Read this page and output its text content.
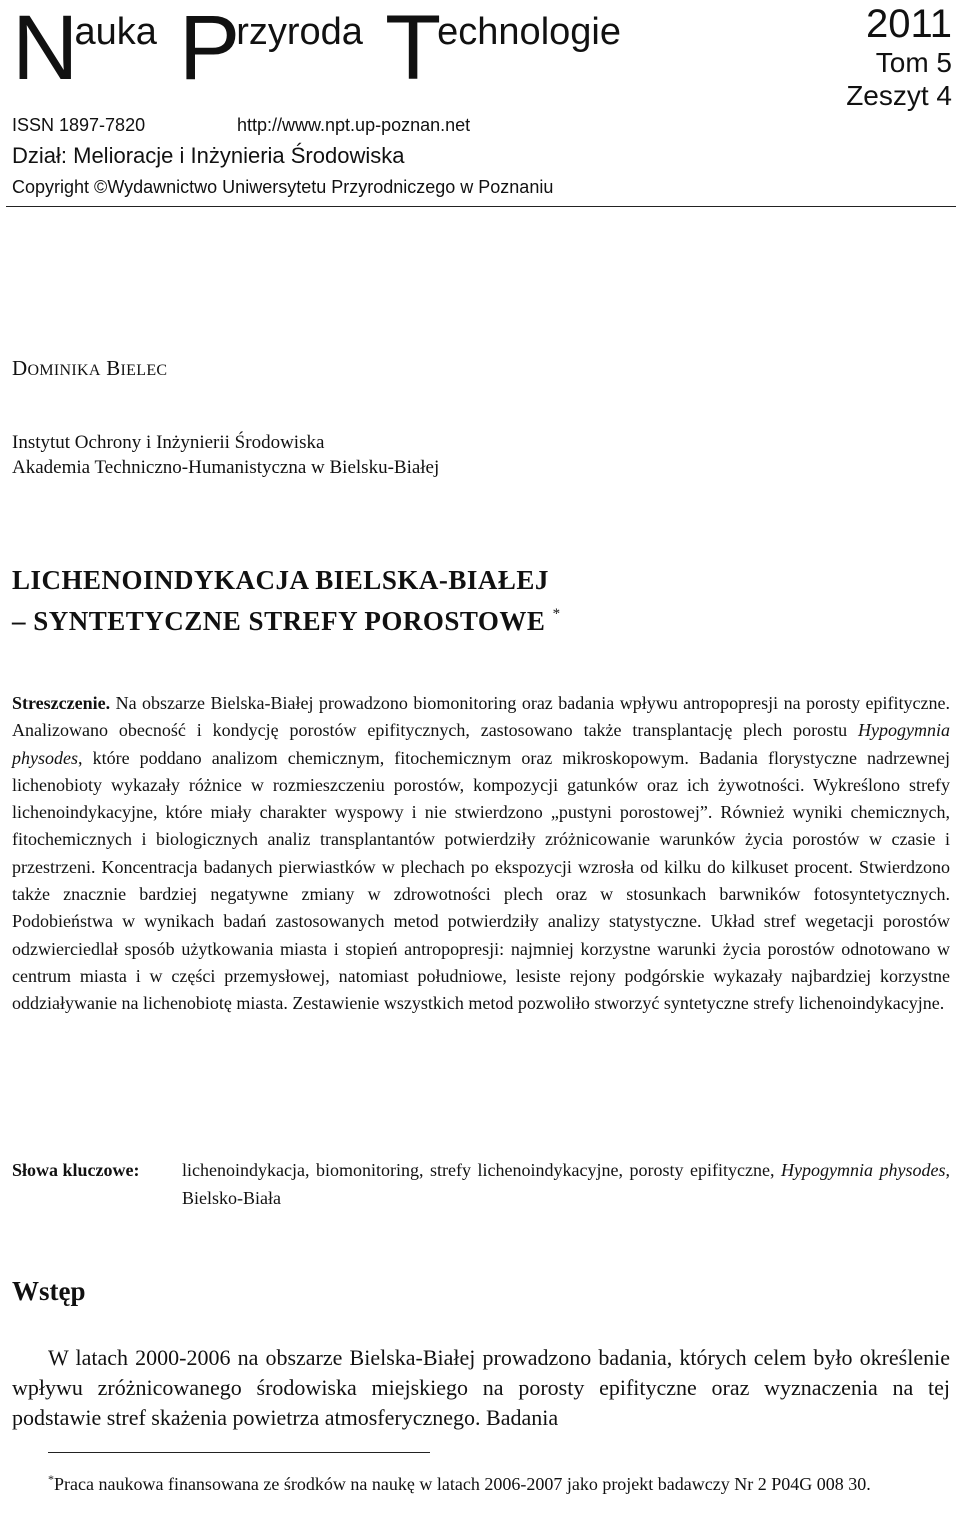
Nauka Przyroda Technologie	2011
Tom 5
Zeszyt 4
ISSN 1897-7820	http://www.npt.up-poznan.net
Dział: Melioracje i Inżynieria Środowiska
Copyright ©Wydawnictwo Uniwersytetu Przyrodniczego w Poznaniu
DOMINIKA BIELEC
Instytut Ochrony i Inżynierii Środowiska
Akademia Techniczno-Humanistyczna w Bielsku-Białej
LICHENOINDYKACJA BIELSKA-BIAŁEJ
– SYNTETYCZNE STREFY POROSTOWE *
Streszczenie. Na obszarze Bielska-Białej prowadzono biomonitoring oraz badania wpływu antropopresji na porosty epifityczne. Analizowano obecność i kondycję porostów epifitycznych, zastosowano także transplantację plech porostu Hypogymnia physodes, które poddano analizom chemicznym, fitochemicznym oraz mikroskopowym. Badania florystyczne nadrzewnej lichenobioty wykazały różnice w rozmieszczeniu porostów, kompozycji gatunków oraz ich żywotności. Wykreślono strefy lichenoindykacyjne, które miały charakter wyspowy i nie stwierdzono „pustyni porostowej”. Również wyniki chemicznych, fitochemicznych i biologicznych analiz transplantantów potwierdziły zróżnicowanie warunków życia porostów w czasie i przestrzeni. Koncentracja badanych pierwiastków w plechach po ekspozycji wzrosła od kilku do kilkuset procent. Stwierdzono także znacznie bardziej negatywne zmiany w zdrowotności plech oraz w stosunkach barwników fotosyntetycznych. Podobieństwa w wynikach badań zastosowanych metod potwierdziły analizy statystyczne. Układ stref wegetacji porostów odzwierciedlał sposób użytkowania miasta i stopień antropopresji: najmniej korzystne warunki życia porostów odnotowano w centrum miasta i w części przemysłowej, natomiast południowe, lesiste rejony podgórskie wykazały najbardziej korzystne oddziaływanie na lichenobiotę miasta. Zestawienie wszystkich metod pozwoliło stworzyć syntetyczne strefy lichenoindykacyjne.
Słowa kluczowe: lichenoindykacja, biomonitoring, strefy lichenoindykacyjne, porosty epifityczne, Hypogymnia physodes, Bielsko-Biała
Wstęp
W latach 2000-2006 na obszarze Bielska-Białej prowadzono badania, których celem było określenie wpływu zróżnicowanego środowiska miejskiego na porosty epifityczne oraz wyznaczenia na tej podstawie stref skażenia powietrza atmosferycznego. Badania
*Praca naukowa finansowana ze środków na naukę w latach 2006-2007 jako projekt badawczy Nr 2 P04G 008 30.
